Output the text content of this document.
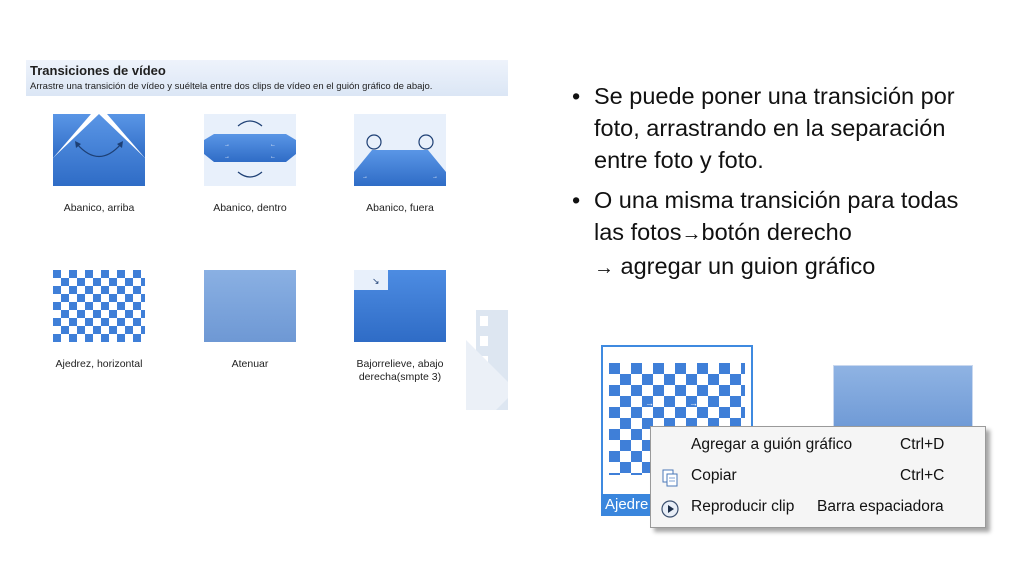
Transiciones de vídeo
Arrastre una transición de vídeo y suéltela entre dos clips de vídeo en el guión gráfico de abajo.
Abanico, arriba
→	←
→	←
Abanico, dentro
→	→
Abanico, fuera
Ajedrez, horizontal	Atenuar
↘
Bajorrelieve, abajo derecha(smpte 3)
• Se puede poner una transición por foto, arrastrando en la separación entre foto y foto.
• O una misma transición para todas las fotos→botón derecho
→ agregar un guion gráfico
→	→
Ajedre
Agregar a guión gráfico	Ctrl+D
Copiar	Ctrl+C
Reproducir clip Barra espaciadora
